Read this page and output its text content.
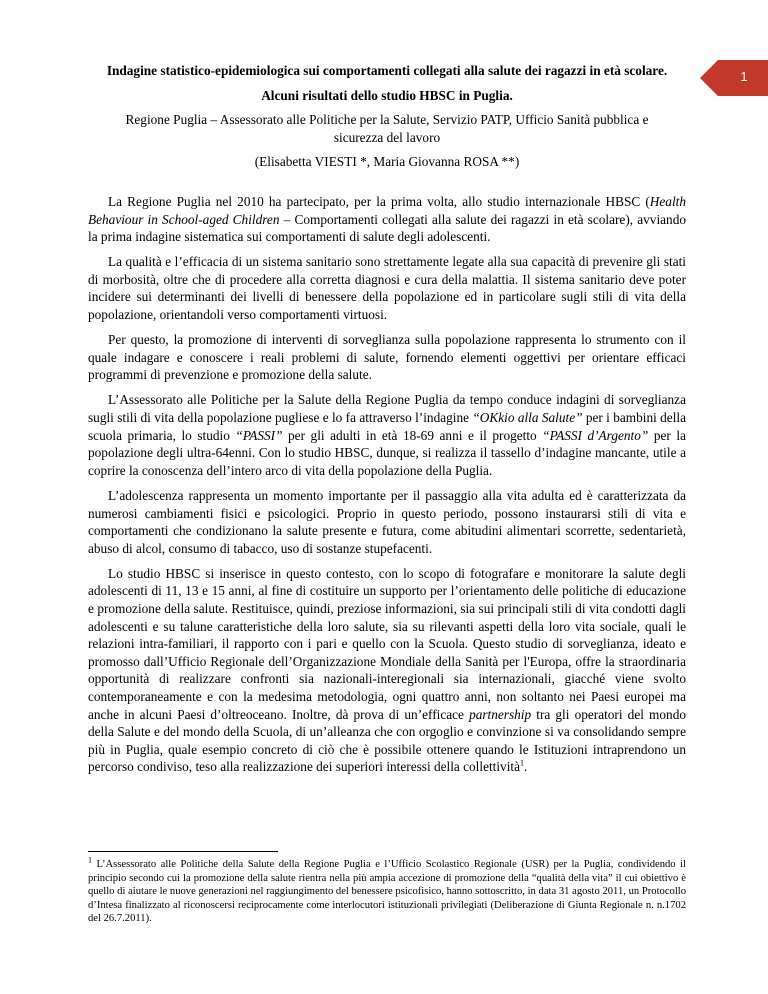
1

Indagine statistico-epidemiologica sui comportamenti collegati alla salute dei ragazzi in età scolare.

Alcuni risultati dello studio HBSC in Puglia.

Regione Puglia – Assessorato alle Politiche per la Salute, Servizio PATP, Ufficio Sanità pubblica e sicurezza del lavoro

(Elisabetta VIESTI *, Maria Giovanna ROSA **)

La Regione Puglia nel 2010 ha partecipato, per la prima volta, allo studio internazionale HBSC (Health Behaviour in School-aged Children – Comportamenti collegati alla salute dei ragazzi in età scolare), avviando la prima indagine sistematica sui comportamenti di salute degli adolescenti.

La qualità e l’efficacia di un sistema sanitario sono strettamente legate alla sua capacità di prevenire gli stati di morbosità, oltre che di procedere alla corretta diagnosi e cura della malattia. Il sistema sanitario deve poter incidere sui determinanti dei livelli di benessere della popolazione ed in particolare sugli stili di vita della popolazione, orientandoli verso comportamenti virtuosi.

Per questo, la promozione di interventi di sorveglianza sulla popolazione rappresenta lo strumento con il quale indagare e conoscere i reali problemi di salute, fornendo elementi oggettivi per orientare efficaci programmi di prevenzione e promozione della salute.

L’Assessorato alle Politiche per la Salute della Regione Puglia da tempo conduce indagini di sorveglianza sugli stili di vita della popolazione pugliese e lo fa attraverso l’indagine “OKkio alla Salute” per i bambini della scuola primaria, lo studio “PASSI” per gli adulti in età 18-69 anni e il progetto “PASSI d’Argento” per la popolazione degli ultra-64enni. Con lo studio HBSC, dunque, si realizza il tassello d’indagine mancante, utile a coprire la conoscenza dell’intero arco di vita della popolazione della Puglia.

L’adolescenza rappresenta un momento importante per il passaggio alla vita adulta ed è caratterizzata da numerosi cambiamenti fisici e psicologici. Proprio in questo periodo, possono instaurarsi stili di vita e comportamenti che condizionano la salute presente e futura, come abitudini alimentari scorrette, sedentarietà, abuso di alcol, consumo di tabacco, uso di sostanze stupefacenti.

Lo studio HBSC si inserisce in questo contesto, con lo scopo di fotografare e monitorare la salute degli adolescenti di 11, 13 e 15 anni, al fine di costituire un supporto per l’orientamento delle politiche di educazione e promozione della salute. Restituisce, quindi, preziose informazioni, sia sui principali stili di vita condotti dagli adolescenti e su talune caratteristiche della loro salute, sia su rilevanti aspetti della loro vita sociale, quali le relazioni intra-familiari, il rapporto con i pari e quello con la Scuola. Questo studio di sorveglianza, ideato e promosso dall’Ufficio Regionale dell’Organizzazione Mondiale della Sanità per l'Europa, offre la straordinaria opportunità di realizzare confronti sia nazionali-interegionali sia internazionali, giacché viene svolto contemporaneamente e con la medesima metodologia, ogni quattro anni, non soltanto nei Paesi europei ma anche in alcuni Paesi d’oltreoceano. Inoltre, dà prova di un’efficace partnership tra gli operatori del mondo della Salute e del mondo della Scuola, di un’alleanza che con orgoglio e convinzione si va consolidando sempre più in Puglia, quale esempio concreto di ciò che è possibile ottenere quando le Istituzioni intraprendono un percorso condiviso, teso alla realizzazione dei superiori interessi della collettività$^1$.

$^1$ L’Assessorato alle Politiche della Salute della Regione Puglia e l’Ufficio Scolastico Regionale (USR) per la Puglia, condividendo il principio secondo cui la promozione della salute rientra nella più ampia accezione di promozione della “qualità della vita” il cui obiettivo è quello di aiutare le nuove generazioni nel raggiungimento del benessere psicofisico, hanno sottoscritto, in data 31 agosto 2011, un Protocollo d’Intesa finalizzato al riconoscersi reciprocamente come interlocutori istituzionali privilegiati (Deliberazione di Giunta Regionale n. n.1702 del 26.7.2011).
